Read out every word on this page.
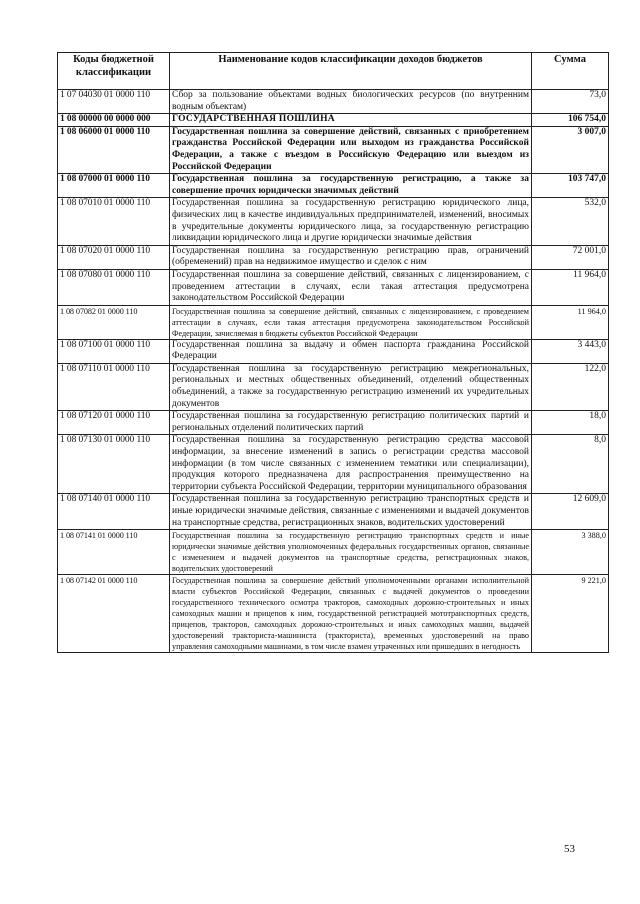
Коды бюджетной классификации	Наименование кодов классификации доходов бюджетов	Сумма
1 07 04030 01 0000 110	Сбор за пользование объектами водных биологических ресурсов (по внутренним водным объектам)	73,0
1 08 00000 00 0000 000	ГОСУДАРСТВЕННАЯ ПОШЛИНА	106 754,0
1 08 06000 01 0000 110	Государственная пошлина за совершение действий, связанных с приобретением гражданства Российской Федерации или выходом из гражданства Российской Федерации, а также с въездом в Российскую Федерацию или выездом из Российской Федерации	3 007,0
1 08 07000 01 0000 110	Государственная пошлина за государственную регистрацию, а также за совершение прочих юридически значимых действий	103 747,0
1 08 07010 01 0000 110	Государственная пошлина за государственную регистрацию юридического лица, физических лиц в качестве индивидуальных предпринимателей, изменений, вносимых в учредительные документы юридического лица, за государственную регистрацию ликвидации юридического лица и другие юридически значимые действия	532,0
1 08 07020 01 0000 110	Государственная пошлина за государственную регистрацию прав, ограничений (обременений) прав на недвижимое имущество и сделок с ним	72 001,0
1 08 07080 01 0000 110	Государственная пошлина за совершение действий, связанных с лицензированием, с проведением аттестации в случаях, если такая аттестация предусмотрена законодательством Российской Федерации	11 964,0
1 08 07082 01 0000 110	Государственная пошлина за совершение действий, связанных с лицензированием, с проведением аттестации в случаях, если такая аттестация предусмотрена законодательством Российской Федерации, зачисляемая в бюджеты субъектов Российской Федерации	11 964,0
1 08 07100 01 0000 110	Государственная пошлина за выдачу и обмен паспорта гражданина Российской Федерации	3 443,0
1 08 07110 01 0000 110	Государственная пошлина за государственную регистрацию межрегиональных, региональных и местных общественных объединений, отделений общественных объединений, а также за государственную регистрацию изменений их учредительных документов	122,0
1 08 07120 01 0000 110	Государственная пошлина за государственную регистрацию политических партий и региональных отделений политических партий	18,0
1 08 07130 01 0000 110	Государственная пошлина за государственную регистрацию средства массовой информации, за внесение изменений в запись о регистрации средства массовой информации (в том числе связанных с изменением тематики или специализации), продукция которого предназначена для распространения преимущественно на территории субъекта Российской Федерации, территории муниципального образования	8,0
1 08 07140 01 0000 110	Государственная пошлина за государственную регистрацию транспортных средств и иные юридически значимые действия, связанные с изменениями и выдачей документов на транспортные средства, регистрационных знаков, водительских удостоверений	12 609,0
1 08 07141 01 0000 110	Государственная пошлина за государственную регистрацию транспортных средств и иные юридически значимые действия уполномоченных федеральных государственных органов, связанные с изменением и выдачей документов на транспортные средства, регистрационных знаков, водительских удостоверений	3 388,0
1 08 07142 01 0000 110	Государственная пошлина за совершение действий уполномоченными органами исполнительной власти субъектов Российской Федерации, связанных с выдачей документов о проведении государственного технического осмотра тракторов, самоходных дорожно-строительных и иных самоходных машин и прицепов к ним, государственной регистрацией мототранспортных средств, прицепов, тракторов, самоходных дорожно-строительных и иных самоходных машин, выдачей удостоверений тракториста-машиниста (тракториста), временных удостоверений на право управления самоходными машинами, в том числе взамен утраченных или пришедших в негодность	9 221,0
53
